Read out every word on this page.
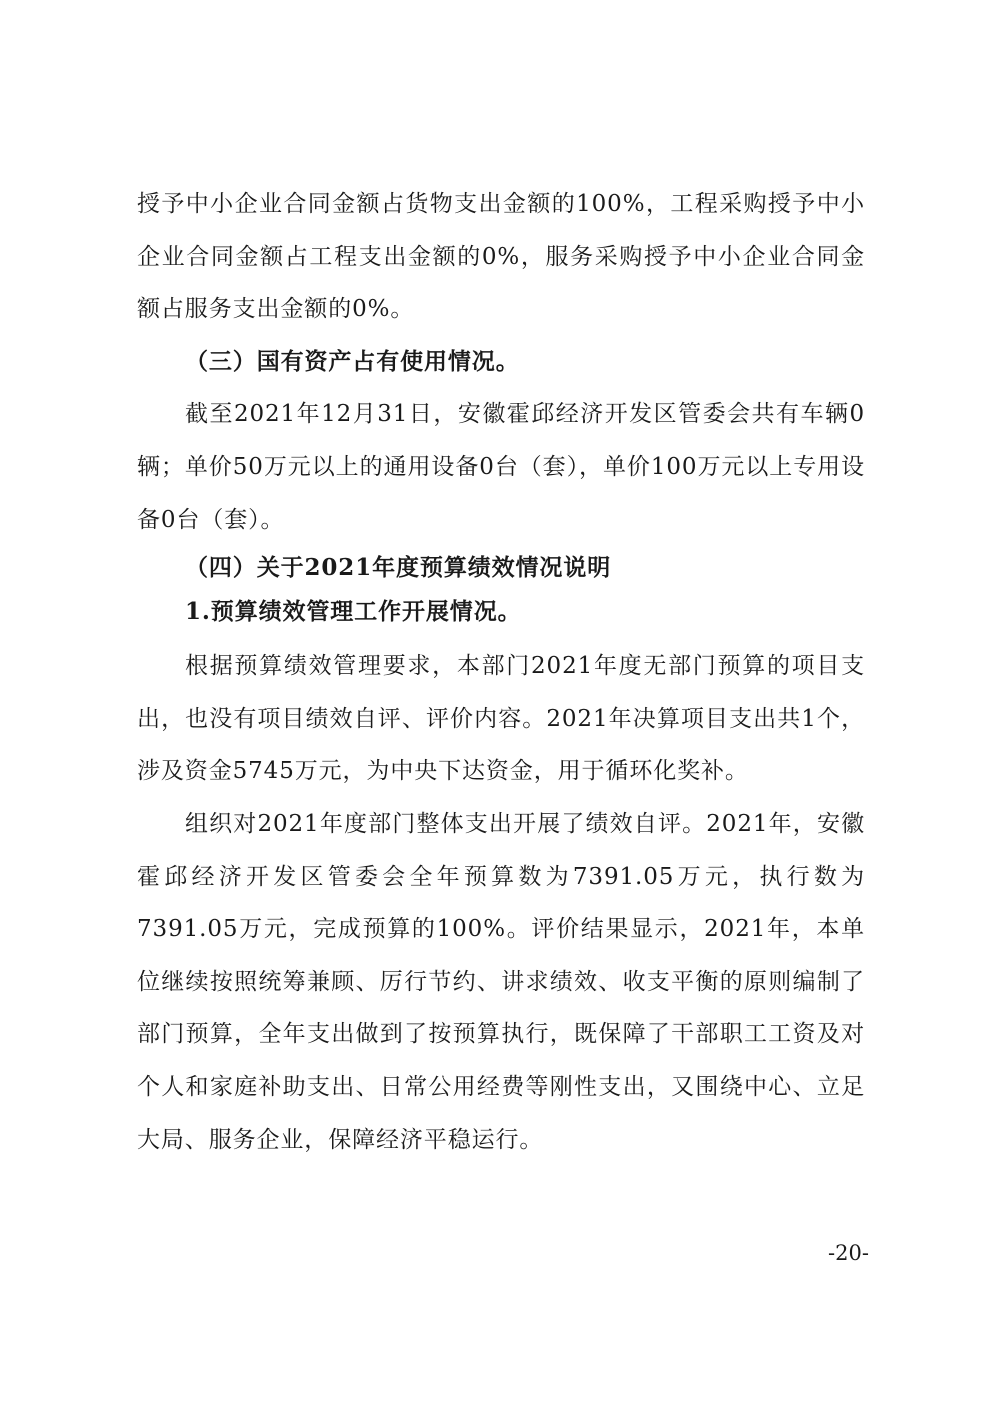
授予中小企业合同金额占货物支出金额的100%，工程采购授予中小企业合同金额占工程支出金额的0%，服务采购授予中小企业合同金额占服务支出金额的0%。

（三）国有资产占有使用情况。

截至2021年12月31日，安徽霍邱经济开发区管委会共有车辆0辆；单价50万元以上的通用设备0台（套），单价100万元以上专用设备0台（套）。

（四）关于2021年度预算绩效情况说明

1.预算绩效管理工作开展情况。

根据预算绩效管理要求，本部门2021年度无部门预算的项目支出，也没有项目绩效自评、评价内容。2021年决算项目支出共1个，涉及资金5745万元，为中央下达资金，用于循环化奖补。

组织对2021年度部门整体支出开展了绩效自评。2021年，安徽霍邱经济开发区管委会全年预算数为7391.05万元，执行数为7391.05万元，完成预算的100%。评价结果显示，2021年，本单位继续按照统筹兼顾、厉行节约、讲求绩效、收支平衡的原则编制了部门预算，全年支出做到了按预算执行，既保障了干部职工工资及对个人和家庭补助支出、日常公用经费等刚性支出，又围绕中心、立足大局、服务企业，保障经济平稳运行。

-20-
